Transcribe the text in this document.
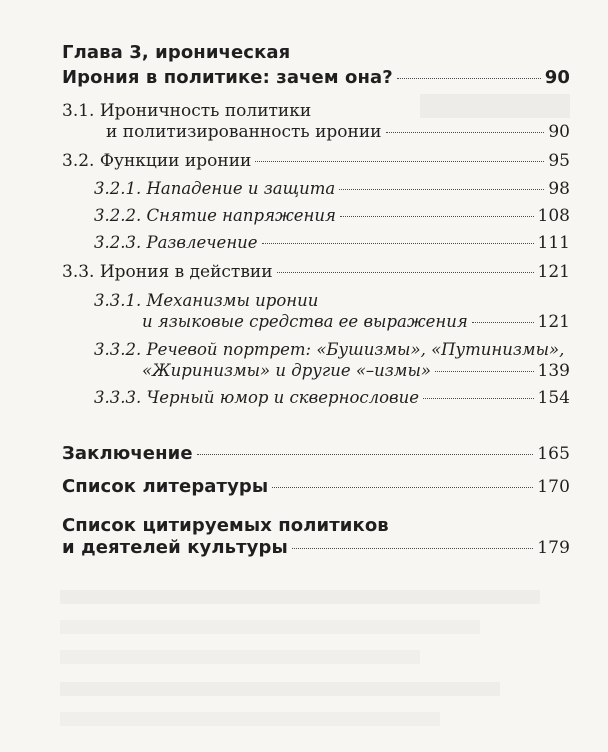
Глава 3, ироническая
Ирония в политике: зачем она?	90
3.1. Ироничность политики
и политизированность иронии	90
3.2. Функции иронии	95
3.2.1. Нападение и защита	98
3.2.2. Снятие напряжения	108
3.2.3. Развлечение	111
3.3. Ирония в действии	121
3.3.1. Механизмы иронии
и языковые средства ее выражения	121
3.3.2. Речевой портрет: «Бушизмы», «Путинизмы»,
«Жиринизмы» и другие «–измы»	139
3.3.3. Черный юмор и сквернословие	154
Заключение	165
Список литературы	170
Список цитируемых политиков
и деятелей культуры	179
